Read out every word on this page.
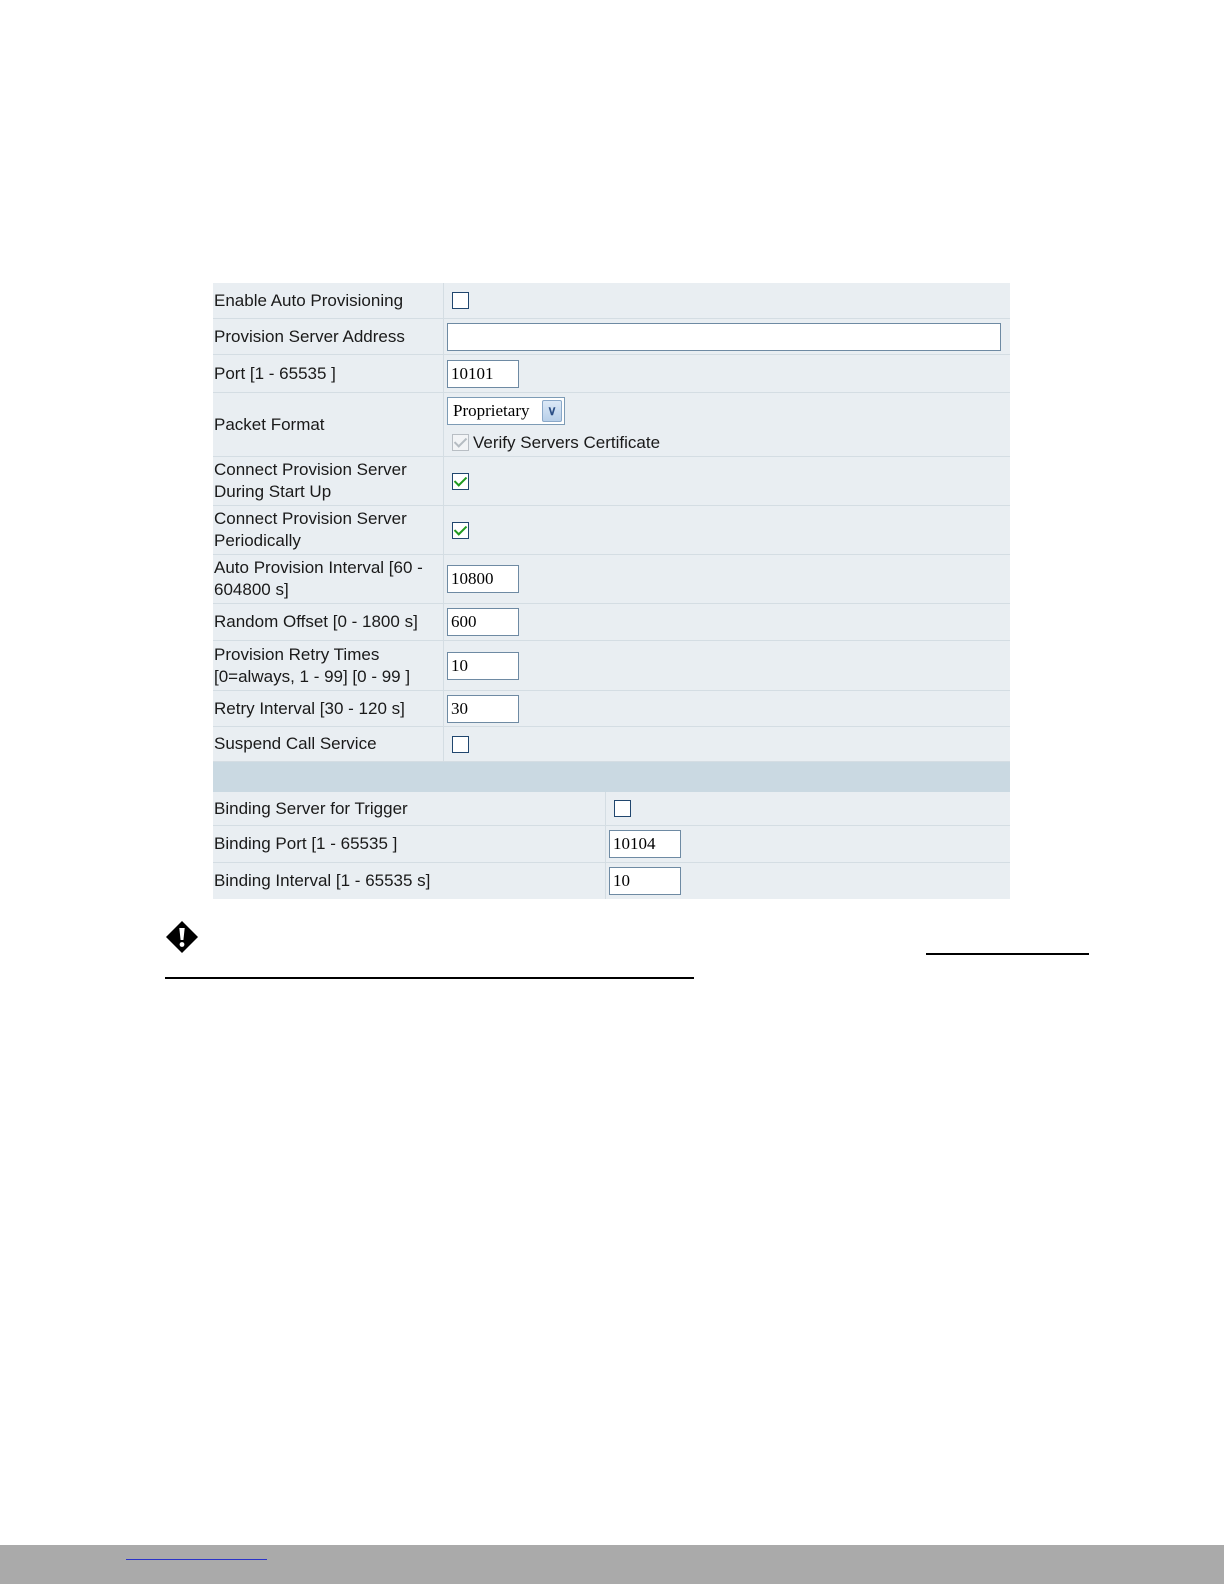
Enable Auto Provisioning
Provision Server Address
Port [1 - 65535 ]
10101
Packet Format
Proprietary	∨
Verify Servers Certificate
Connect Provision Server
During Start Up
Connect Provision Server
Periodically
Auto Provision Interval [60 -
604800 s]
10800
Random Offset [0 - 1800 s]
600
Provision Retry Times
[0=always, 1 - 99] [0 - 99 ]
10
Retry Interval [30 - 120 s]
30
Suspend Call Service
Binding Server for Trigger
Binding Port [1 - 65535 ]
10104
Binding Interval [1 - 65535 s]
10
